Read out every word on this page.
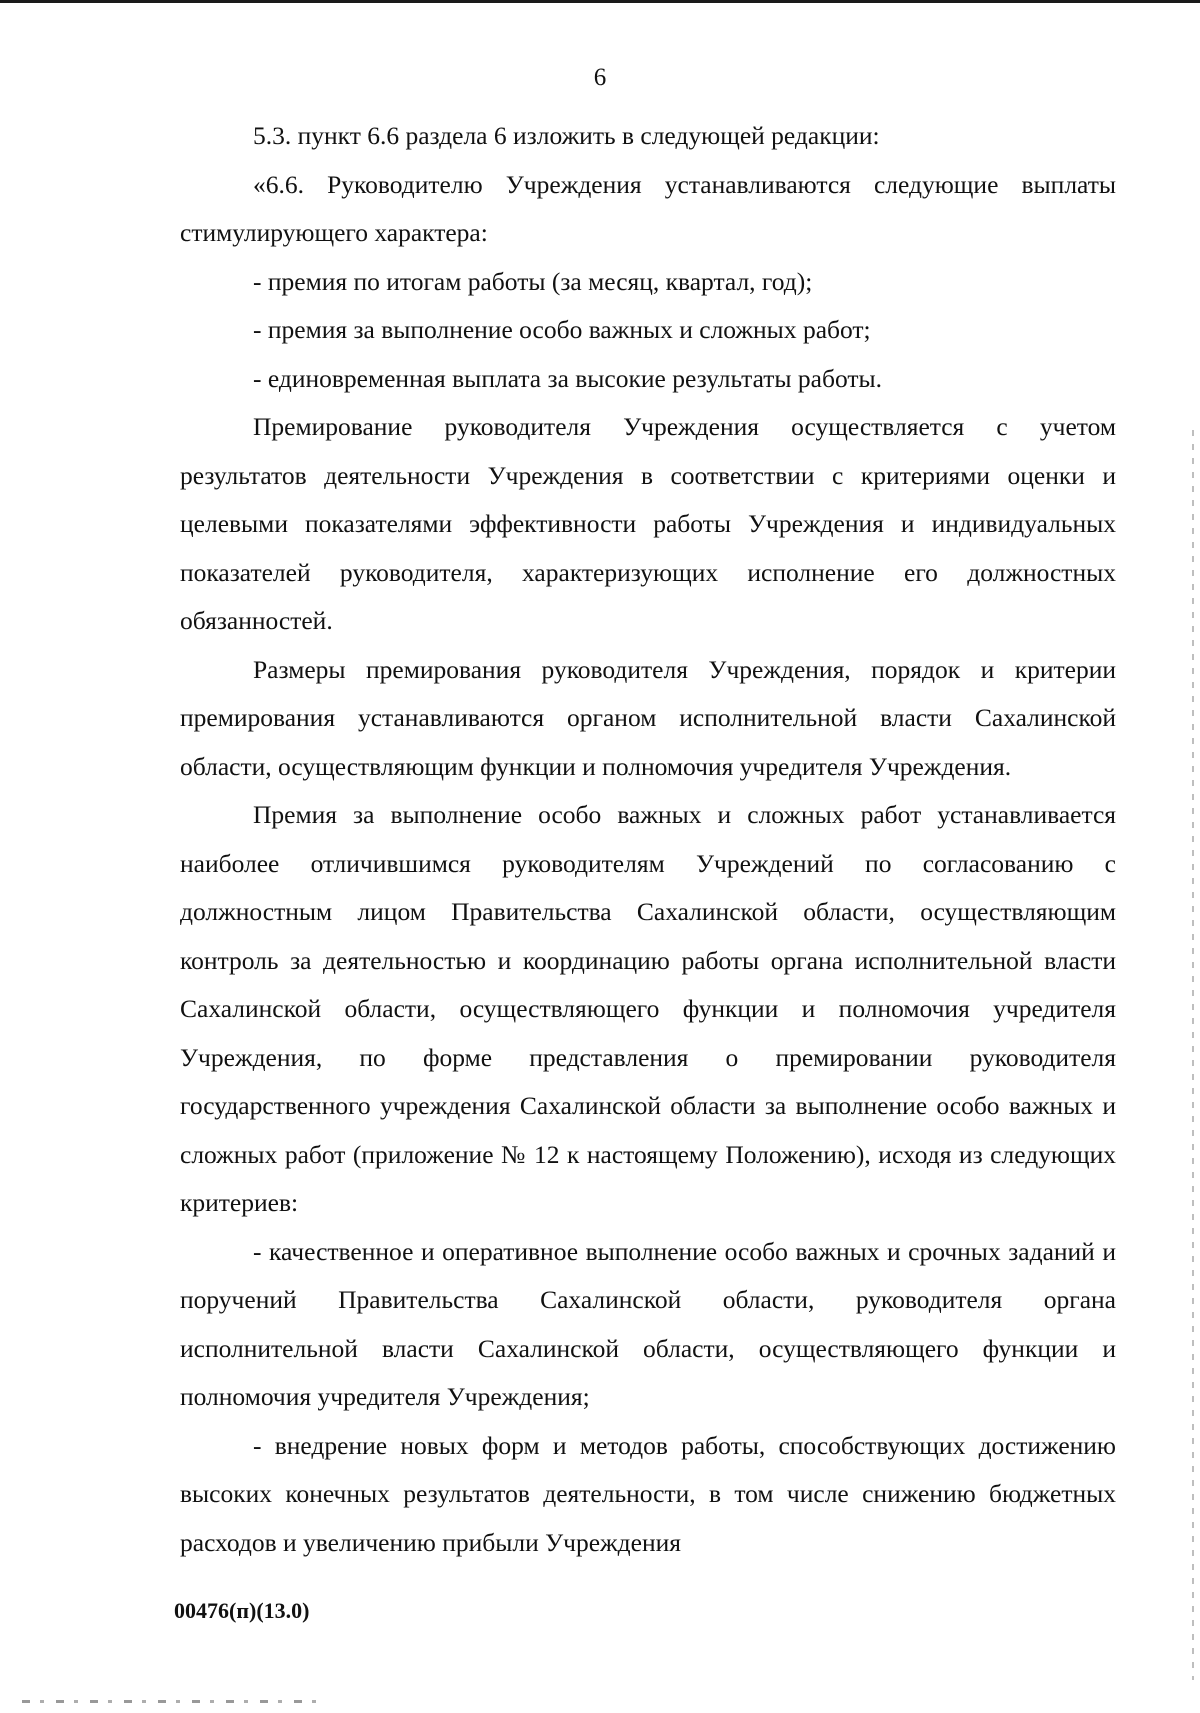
6

5.3. пункт 6.6 раздела 6 изложить в следующей редакции:

«6.6. Руководителю Учреждения устанавливаются следующие выплаты стимулирующего характера:

- премия по итогам работы (за месяц, квартал, год);

- премия за выполнение особо важных и сложных работ;

- единовременная выплата за высокие результаты работы.

Премирование руководителя Учреждения осуществляется с учетом результатов деятельности Учреждения в соответствии с критериями оценки и целевыми показателями эффективности работы Учреждения и индивидуальных показателей руководителя, характеризующих исполнение его должностных обязанностей.

Размеры премирования руководителя Учреждения, порядок и критерии премирования устанавливаются органом исполнительной власти Сахалинской области, осуществляющим функции и полномочия учредителя Учреждения.

Премия за выполнение особо важных и сложных работ устанавливается наиболее отличившимся руководителям Учреждений по согласованию с должностным лицом Правительства Сахалинской области, осуществляющим контроль за деятельностью и координацию работы органа исполнительной власти Сахалинской области, осуществляющего функции и полномочия учредителя Учреждения, по форме представления о премировании руководителя государственного учреждения Сахалинской области за выполнение особо важных и сложных работ (приложение № 12 к настоящему Положению), исходя из следующих критериев:

- качественное и оперативное выполнение особо важных и срочных заданий и поручений Правительства Сахалинской области, руководителя органа исполнительной власти Сахалинской области, осуществляющего функции и полномочия учредителя Учреждения;

- внедрение новых форм и методов работы, способствующих достижению высоких конечных результатов деятельности, в том числе снижению бюджетных расходов и увеличению прибыли Учреждения

00476(п)(13.0)
